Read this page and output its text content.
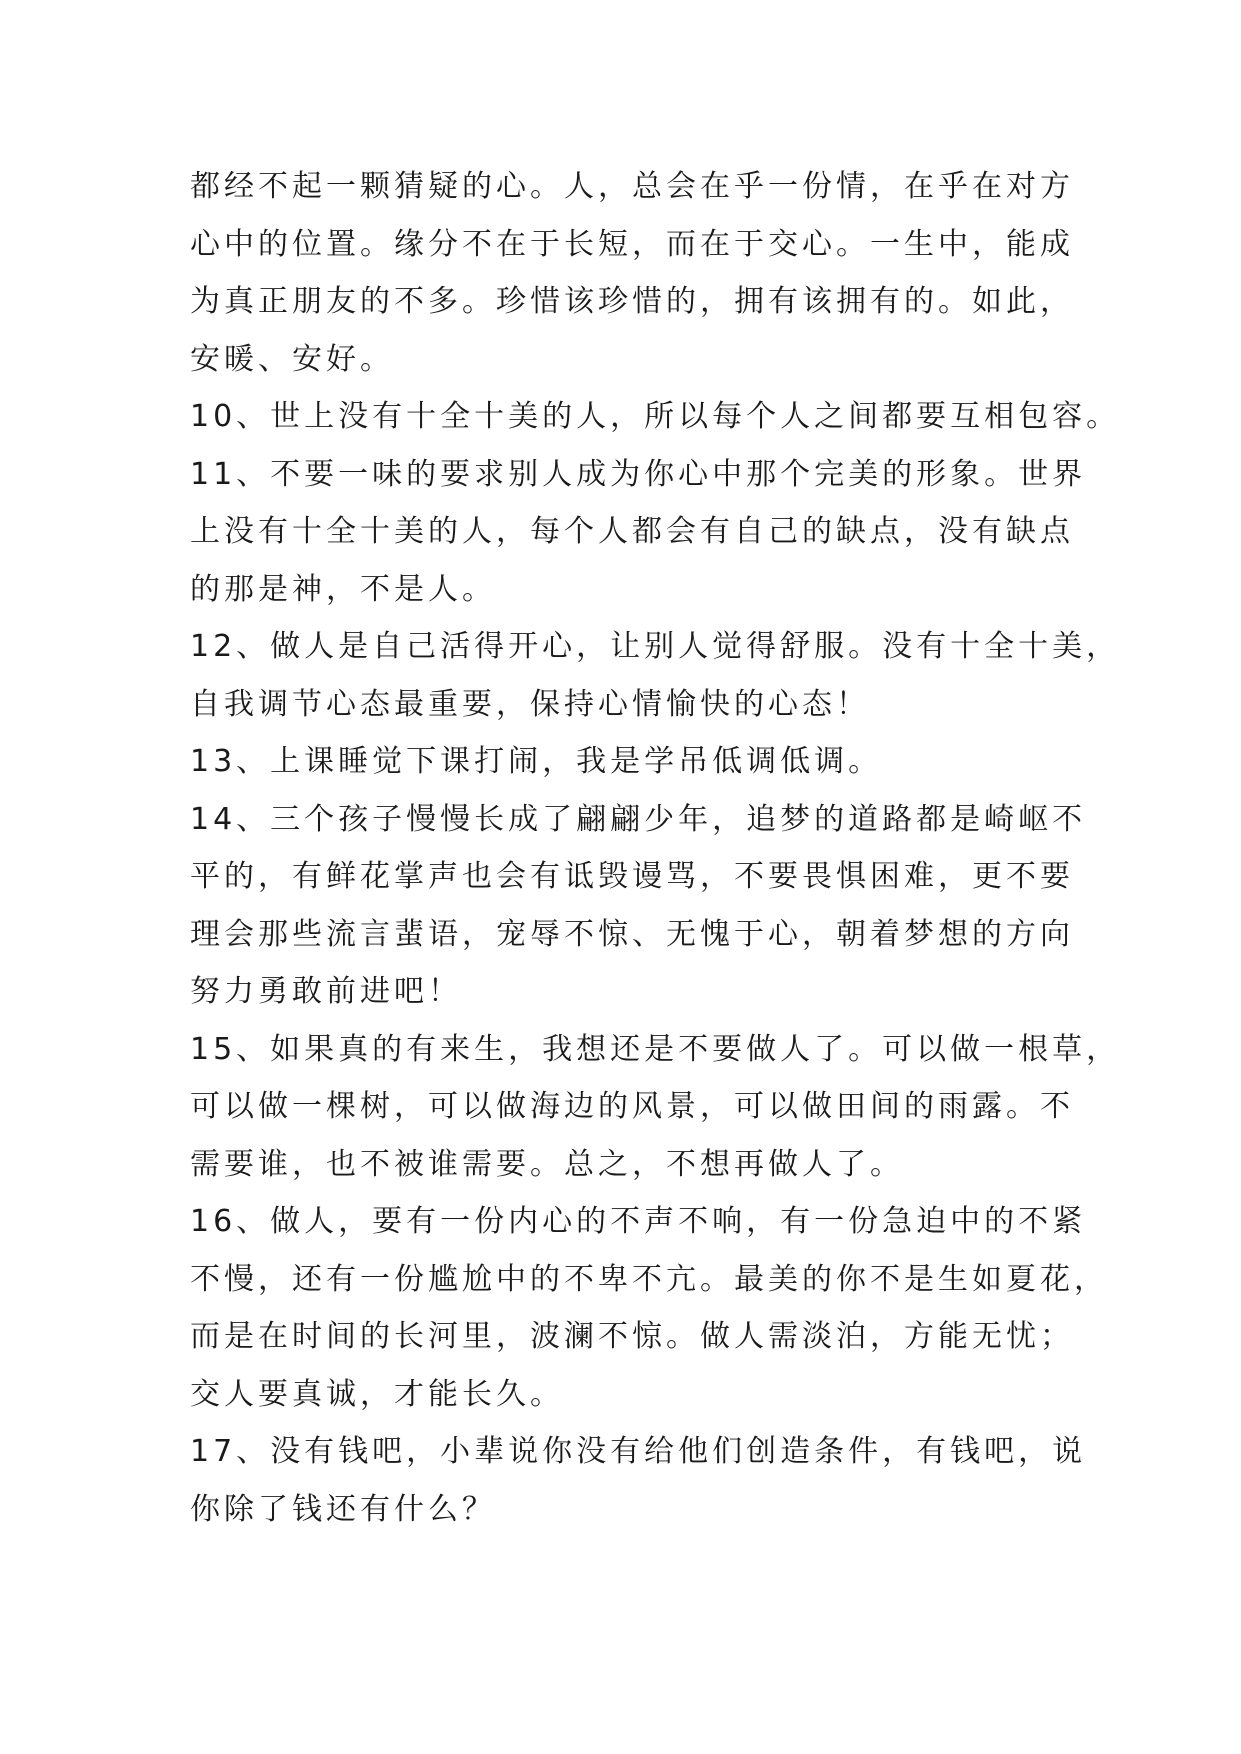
都经不起一颗猜疑的心。人，总会在乎一份情，在乎在对方
心中的位置。缘分不在于长短，而在于交心。一生中，能成
为真正朋友的不多。珍惜该珍惜的，拥有该拥有的。如此，
安暖、安好。
10、世上没有十全十美的人，所以每个人之间都要互相包容。
11、不要一味的要求别人成为你心中那个完美的形象。世界
上没有十全十美的人，每个人都会有自己的缺点，没有缺点
的那是神，不是人。
12、做人是自己活得开心，让别人觉得舒服。没有十全十美，
自我调节心态最重要，保持心情愉快的心态！
13、上课睡觉下课打闹，我是学吊低调低调。
14、三个孩子慢慢长成了翩翩少年，追梦的道路都是崎岖不
平的，有鲜花掌声也会有诋毁谩骂，不要畏惧困难，更不要
理会那些流言蜚语，宠辱不惊、无愧于心，朝着梦想的方向
努力勇敢前进吧！
15、如果真的有来生，我想还是不要做人了。可以做一根草，
可以做一棵树，可以做海边的风景，可以做田间的雨露。不
需要谁，也不被谁需要。总之，不想再做人了。
16、做人，要有一份内心的不声不响，有一份急迫中的不紧
不慢，还有一份尴尬中的不卑不亢。最美的你不是生如夏花，
而是在时间的长河里，波澜不惊。做人需淡泊，方能无忧；
交人要真诚，才能长久。
17、没有钱吧，小辈说你没有给他们创造条件，有钱吧，说
你除了钱还有什么？
